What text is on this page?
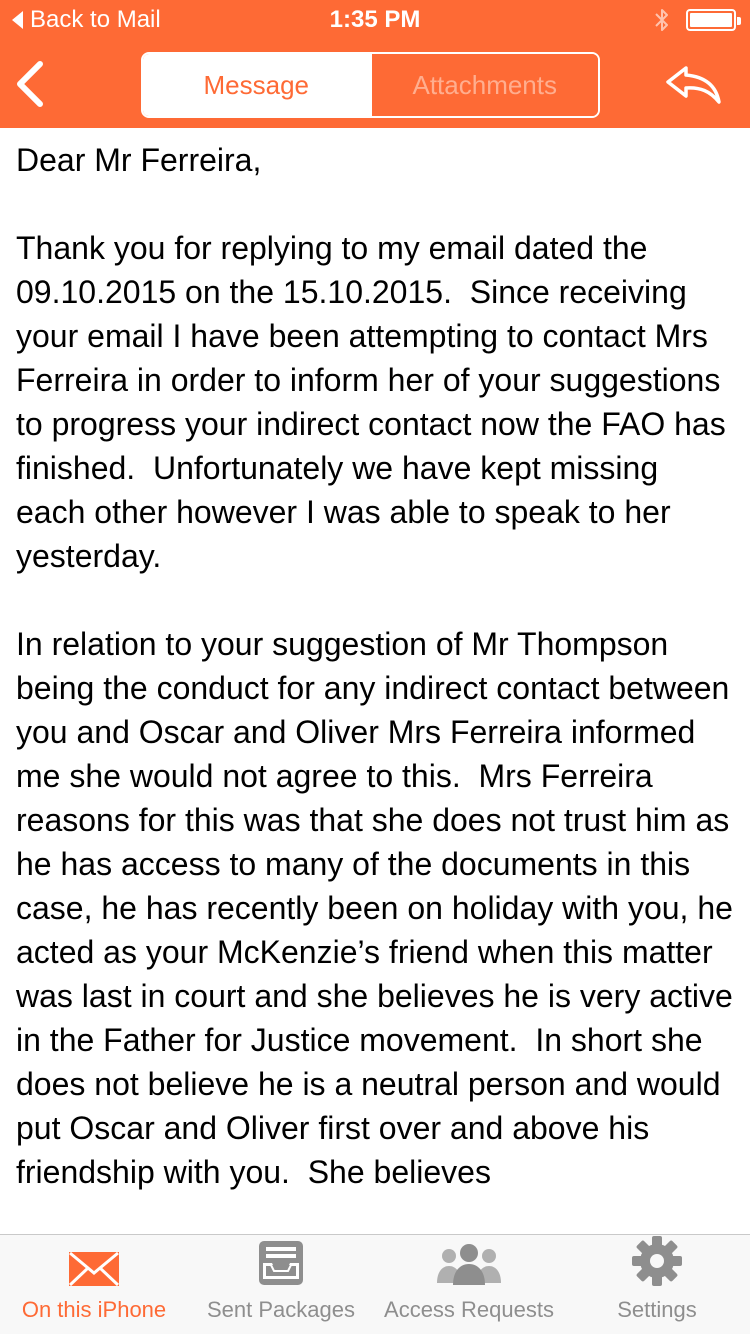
Back to Mail	1:35 PM
Message	Attachments

Dear Mr Ferreira,

Thank you for replying to my email dated the 09.10.2015 on the 15.10.2015.  Since receiving your email I have been attempting to contact Mrs Ferreira in order to inform her of your suggestions to progress your indirect contact now the FAO has finished.  Unfortunately we have kept missing each other however I was able to speak to her yesterday.

In relation to your suggestion of Mr Thompson being the conduct for any indirect contact between you and Oscar and Oliver Mrs Ferreira informed me she would not agree to this.  Mrs Ferreira reasons for this was that she does not trust him as he has access to many of the documents in this case, he has recently been on holiday with you, he acted as your McKenzie’s friend when this matter was last in court and she believes he is very active in the Father for Justice movement.  In short she does not believe he is a neutral person and would put Oscar and Oliver first over and above his friendship with you.  She believes

On this iPhone Sent Packages Access Requests	Settings
